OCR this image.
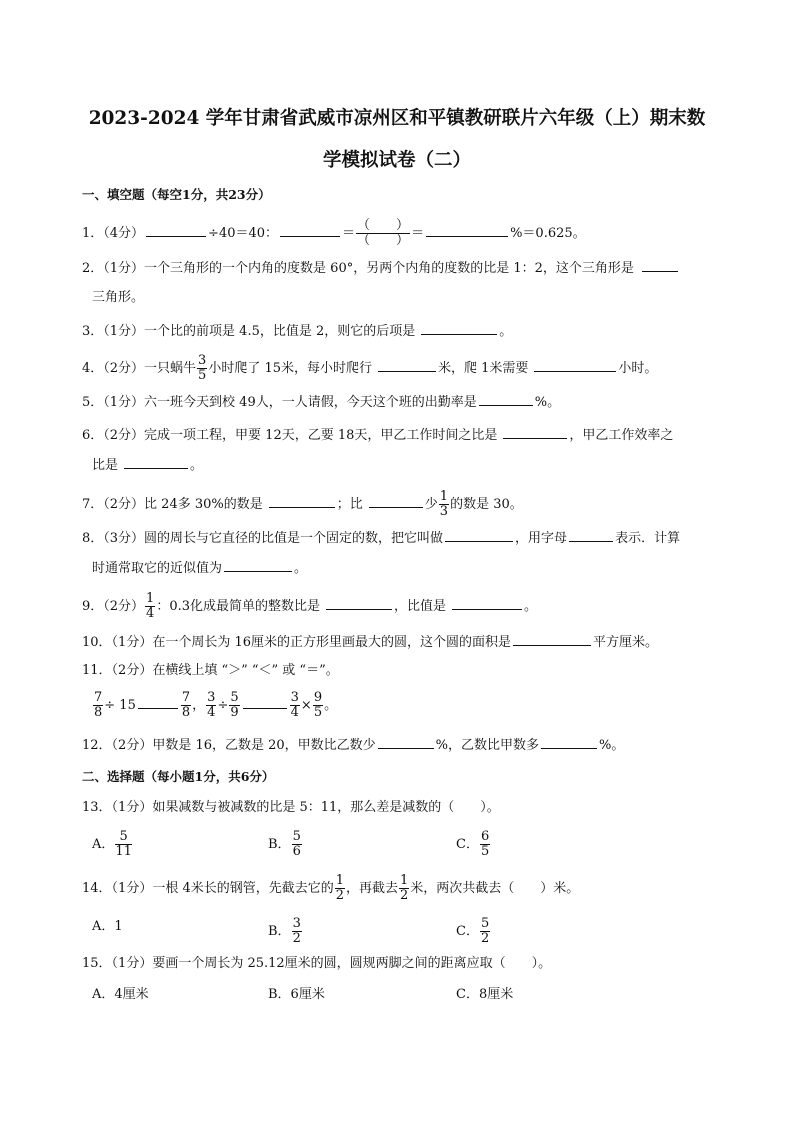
2023-2024 学年甘肃省武威市凉州区和平镇教研联片六年级（上）期末数
学模拟试卷（二）
一、填空题（每空1分，共23分）
1．（4分）	÷40＝40：	＝ $\frac{( )}{( )}$ ＝	%＝0.625。
2．（1分）一个三角形的一个内角的度数是 60°，另两个内角的度数的比是 1：2，这个三角形是
三角形。
3．（1分）一个比的前项是 4.5，比值是 2，则它的后项是	。
4．（2分）一只蜗牛 $\frac{3}{5}$ 小时爬了 15米，每小时爬行	米，爬 1米需要	小时。
5．（1分）六一班今天到校 49人，一人请假，今天这个班的出勤率是	%。
6．（2分）完成一项工程，甲要 12天，乙要 18天，甲乙工作时间之比是	，甲乙工作效率之
比是	。
7．（2分）比 24多 30%的数是	；比	少 $\frac{1}{3}$ 的数是 30。
8．（3分）圆的周长与它直径的比值是一个固定的数，把它叫做	，用字母	表示．计算
时通常取它的近似值为	。
9．（2分） $\frac{1}{4}$ ：0.3化成最简单的整数比是	，比值是	。
10．（1分）在一个周长为 16厘米的正方形里画最大的圆，这个圆的面积是	平方厘米。
11．（2分）在横线上填 “＞” “＜” 或 “＝”。
$\frac{7}{8} \div 15$	$\frac{7}{8}$ ， $\frac{3}{4} \div \frac{5}{9}$	$\frac{3}{4} \times \frac{9}{5}$ 。
12．（2分）甲数是 16，乙数是 20，甲数比乙数少	%，乙数比甲数多	%。
二、选择题（每小题1分，共6分）
13．（1分）如果减数与被减数的比是 5：11，那么差是减数的（　　）。
A． $\frac{5}{11}$	B． $\frac{5}{6}$	C． $\frac{6}{5}$
14．（1分）一根 4米长的钢管，先截去它的 $\frac{1}{2}$ ，再截去 $\frac{1}{2}$ 米，两次共截去（　　）米。
A．1	B． $\frac{3}{2}$	C． $\frac{5}{2}$
15．（1分）要画一个周长为 25.12厘米的圆，圆规两脚之间的距离应取（　　）。
A．4厘米	B．6厘米	C．8厘米
